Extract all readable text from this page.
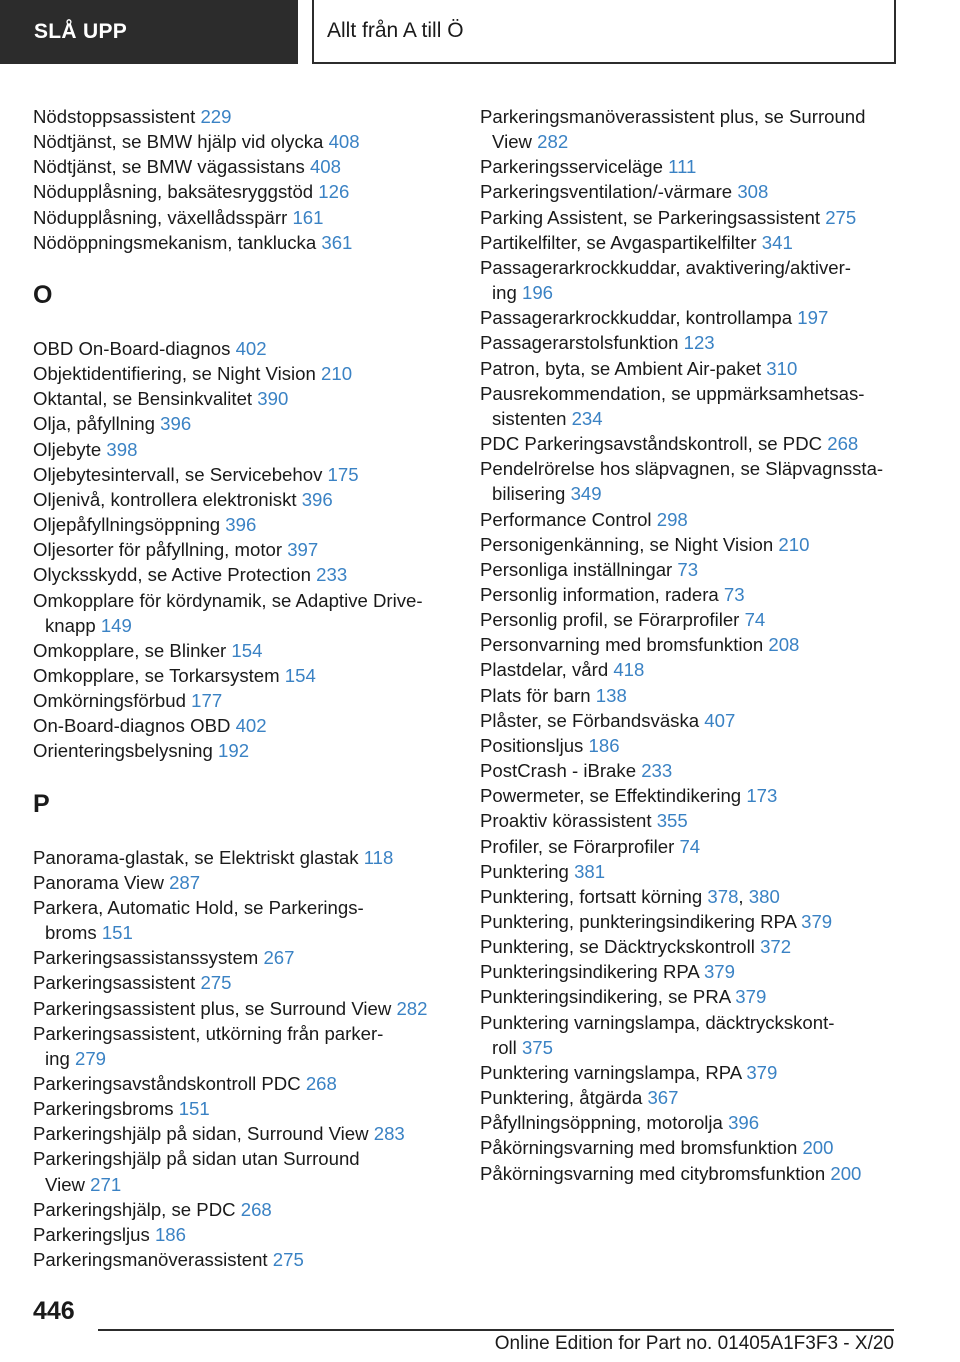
SLÅ UPP	Allt från A till Ö
Nödstoppsassistent 229
Nödtjänst, se BMW hjälp vid olycka 408
Nödtjänst, se BMW vägassistans 408
Nödupplåsning, baksätesryggstöd 126
Nödupplåsning, växellådsspärr 161
Nödöppningsmekanism, tanklucka 361
O
OBD On-Board-diagnos 402
Objektidentifiering, se Night Vision 210
Oktantal, se Bensinkvalitet 390
Olja, påfyllning 396
Oljebyte 398
Oljebytesintervall, se Servicebehov 175
Oljenivå, kontrollera elektroniskt 396
Oljepåfyllningsöppning 396
Oljesorter för påfyllning, motor 397
Olycksskydd, se Active Protection 233
Omkopplare för kördynamik, se Adaptive Drive-
knapp 149
Omkopplare, se Blinker 154
Omkopplare, se Torkarsystem 154
Omkörningsförbud 177
On-Board-diagnos OBD 402
Orienteringsbelysning 192
P
Panorama-glastak, se Elektriskt glastak 118
Panorama View 287
Parkera, Automatic Hold, se Parkerings-
broms 151
Parkeringsassistanssystem 267
Parkeringsassistent 275
Parkeringsassistent plus, se Surround View 282
Parkeringsassistent, utkörning från parker-
ing 279
Parkeringsavståndskontroll PDC 268
Parkeringsbroms 151
Parkeringshjälp på sidan, Surround View 283
Parkeringshjälp på sidan utan Surround
View 271
Parkeringshjälp, se PDC 268
Parkeringsljus 186
Parkeringsmanöverassistent 275
Parkeringsmanöverassistent plus, se Surround
View 282
Parkeringsserviceläge 111
Parkeringsventilation/-värmare 308
Parking Assistent, se Parkeringsassistent 275
Partikelfilter, se Avgaspartikelfilter 341
Passagerarkrockkuddar, avaktivering/aktiver-
ing 196
Passagerarkrockkuddar, kontrollampa 197
Passagerarstolsfunktion 123
Patron, byta, se Ambient Air-paket 310
Pausrekommendation, se uppmärksamhetsas-
sistenten 234
PDC Parkeringsavståndskontroll, se PDC 268
Pendelrörelse hos släpvagnen, se Släpvagnssta-
bilisering 349
Performance Control 298
Personigenkänning, se Night Vision 210
Personliga inställningar 73
Personlig information, radera 73
Personlig profil, se Förarprofiler 74
Personvarning med bromsfunktion 208
Plastdelar, vård 418
Plats för barn 138
Plåster, se Förbandsväska 407
Positionsljus 186
PostCrash - iBrake 233
Powermeter, se Effektindikering 173
Proaktiv körassistent 355
Profiler, se Förarprofiler 74
Punktering 381
Punktering, fortsatt körning 378, 380
Punktering, punkteringsindikering RPA 379
Punktering, se Däcktryckskontroll 372
Punkteringsindikering RPA 379
Punkteringsindikering, se PRA 379
Punktering varningslampa, däcktryckskont-
roll 375
Punktering varningslampa, RPA 379
Punktering, åtgärda 367
Påfyllningsöppning, motorolja 396
Påkörningsvarning med bromsfunktion 200
Påkörningsvarning med citybromsfunktion 200
446
Online Edition for Part no. 01405A1F3F3 - X/20
